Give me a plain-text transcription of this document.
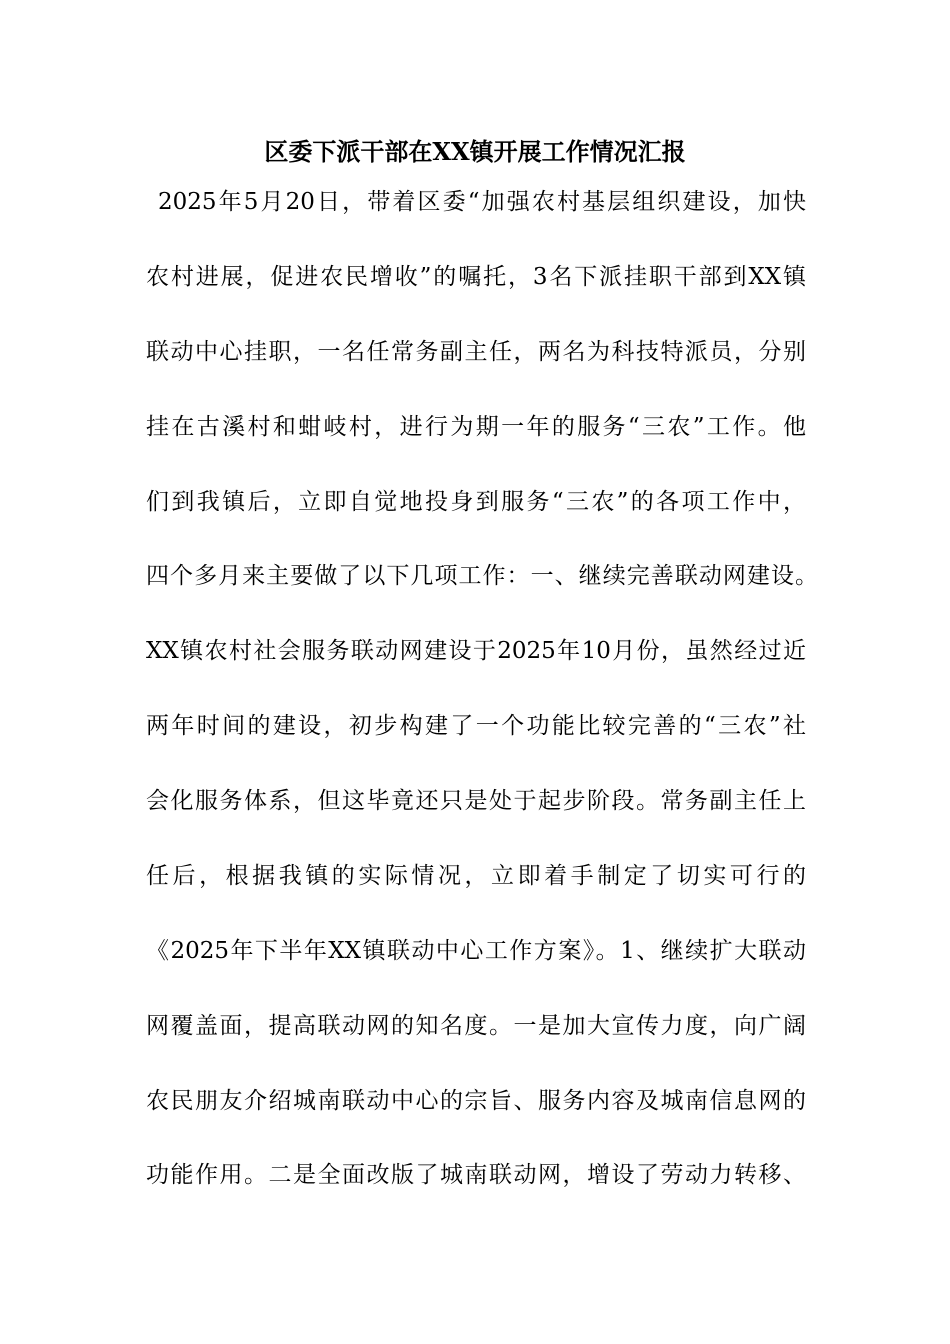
区委下派干部在XX镇开展工作情况汇报
2025年5月20日，带着区委“加强农村基层组织建设，加快
农村进展，促进农民增收”的嘱托，3名下派挂职干部到XX镇
联动中心挂职，一名任常务副主任，两名为科技特派员，分别
挂在古溪村和蚶岐村，进行为期一年的服务“三农”工作。他
们到我镇后，立即自觉地投身到服务“三农”的各项工作中，
四个多月来主要做了以下几项工作：一、继续完善联动网建设。
XX镇农村社会服务联动网建设于2025年10月份，虽然经过近
两年时间的建设，初步构建了一个功能比较完善的“三农”社
会化服务体系，但这毕竟还只是处于起步阶段。常务副主任上
任后，根据我镇的实际情况，立即着手制定了切实可行的
《2025年下半年XX镇联动中心工作方案》。1、继续扩大联动
网覆盖面，提高联动网的知名度。一是加大宣传力度，向广阔
农民朋友介绍城南联动中心的宗旨、服务内容及城南信息网的
功能作用。二是全面改版了城南联动网，增设了劳动力转移、
